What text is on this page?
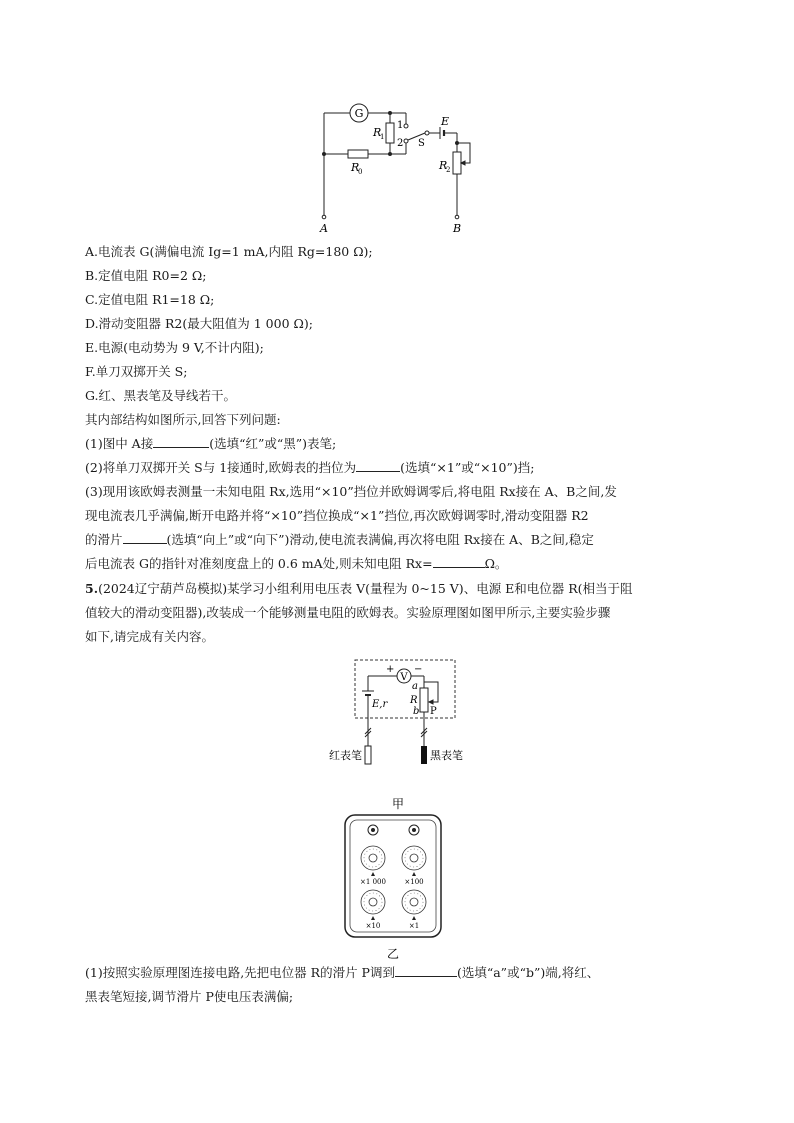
G
R
1
R
0
1
2 S
E
R
2
A	B
A.电流表 G(满偏电流 Ig=1 mA,内阻 Rg=180 Ω);
B.定值电阻 R0=2 Ω;
C.定值电阻 R1=18 Ω;
D.滑动变阻器 R2(最大阻值为 1 000 Ω);
E.电源(电动势为 9 V,不计内阻);
F.单刀双掷开关 S;
G.红、黑表笔及导线若干。
其内部结构如图所示,回答下列问题:
(1)图中 A接	(选填“红”或“黑”)表笔;
(2)将单刀双掷开关 S与 1接通时,欧姆表的挡位为	(选填“×1”或“×10”)挡;
(3)现用该欧姆表测量一未知电阻 Rx,选用“×10”挡位并欧姆调零后,将电阻 Rx接在 A、B之间,发
现电流表几乎满偏,断开电路并将“×10”挡位换成“×1”挡位,再次欧姆调零时,滑动变阻器 R2
的滑片	(选填“向上”或“向下”)滑动,使电流表满偏,再次将电阻 Rx接在 A、B之间,稳定
后电流表 G的指针对准刻度盘上的 0.6 mA处,则未知电阻 Rx=	Ω。
5.(2024辽宁葫芦岛模拟)某学习小组利用电压表 V(量程为 0~15 V)、电源 E和电位器 R(相当于阻
值较大的滑动变阻器),改装成一个能够测量电阻的欧姆表。实验原理图如图甲所示,主要实验步骤
如下,请完成有关内容。
+ −
V
E,r
a
R
b P
红表笔	黑表笔
甲
×1 000	×100
×10	×1
乙
(1)按照实验原理图连接电路,先把电位器 R的滑片 P调到	(选填“a”或“b”)端,将红、
黑表笔短接,调节滑片 P使电压表满偏;
